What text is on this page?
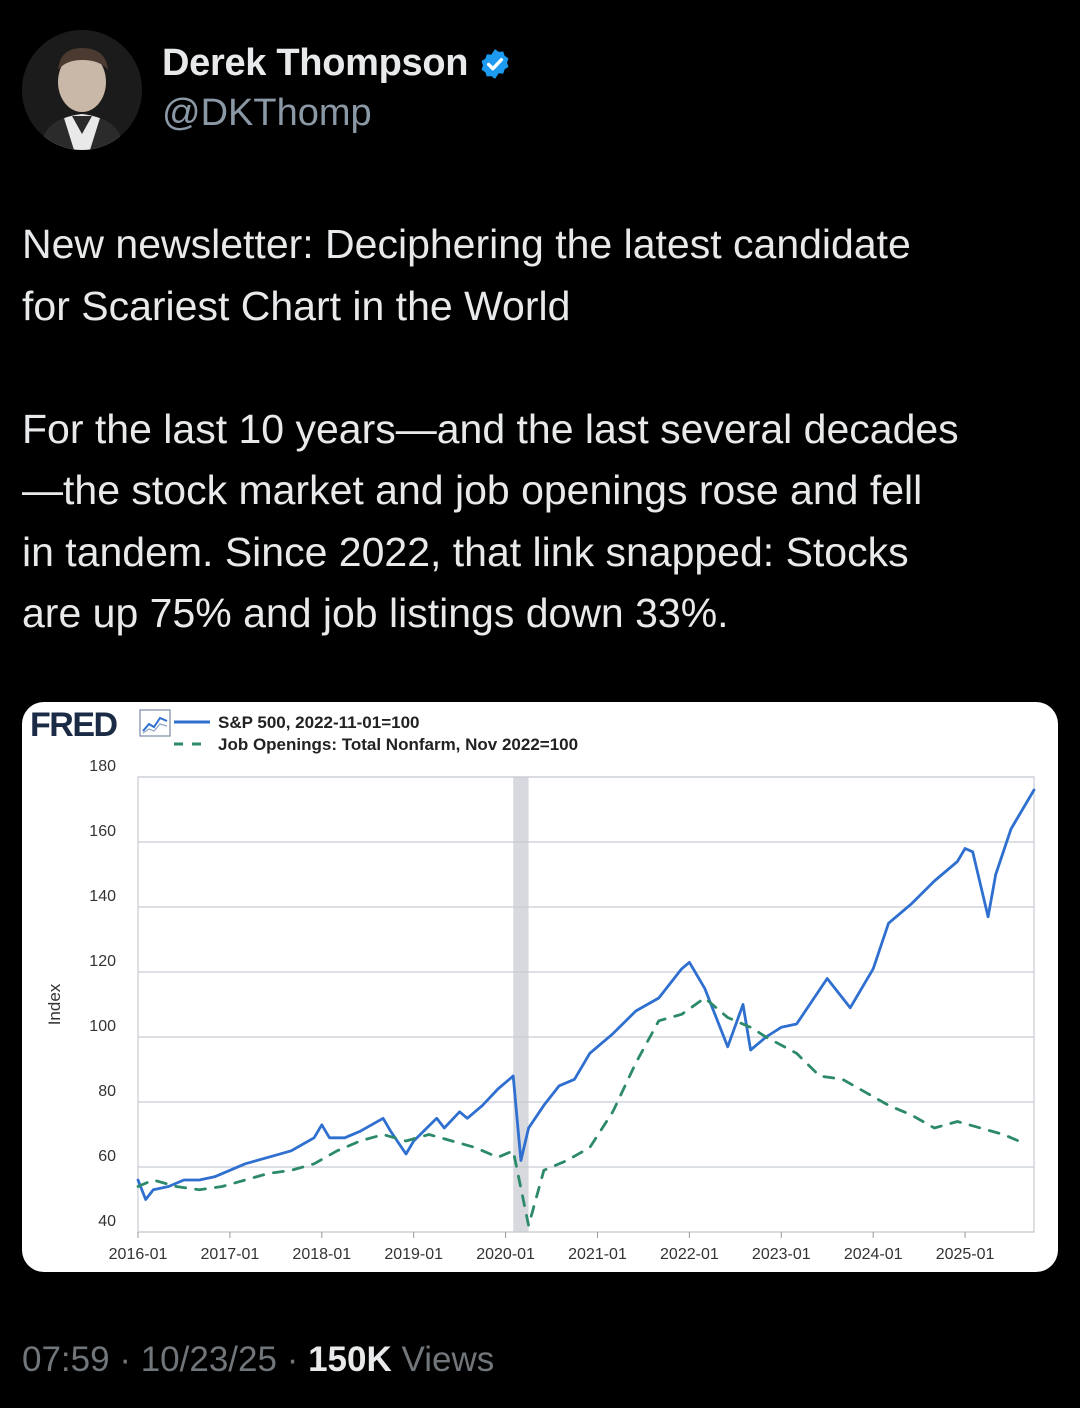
Derek Thompson
@DKThomp
New newsletter: Deciphering the latest candidate
for Scariest Chart in the World

For the last 10 years—and the last several decades
—the stock market and job openings rose and fell
in tandem. Since 2022, that link snapped: Stocks
are up 75% and job listings down 33%.
FRED	S&P 500, 2022-11-01=100
Job Openings: Total Nonfarm, Nov 2022=100
40
60
80
100
120
140
160
180
2016-01 2017-01 2018-01 2019-01 2020-01 2021-01 2022-01 2023-01 2024-01 2025-01
Index
07:59 · 10/23/25 · 150K Views
